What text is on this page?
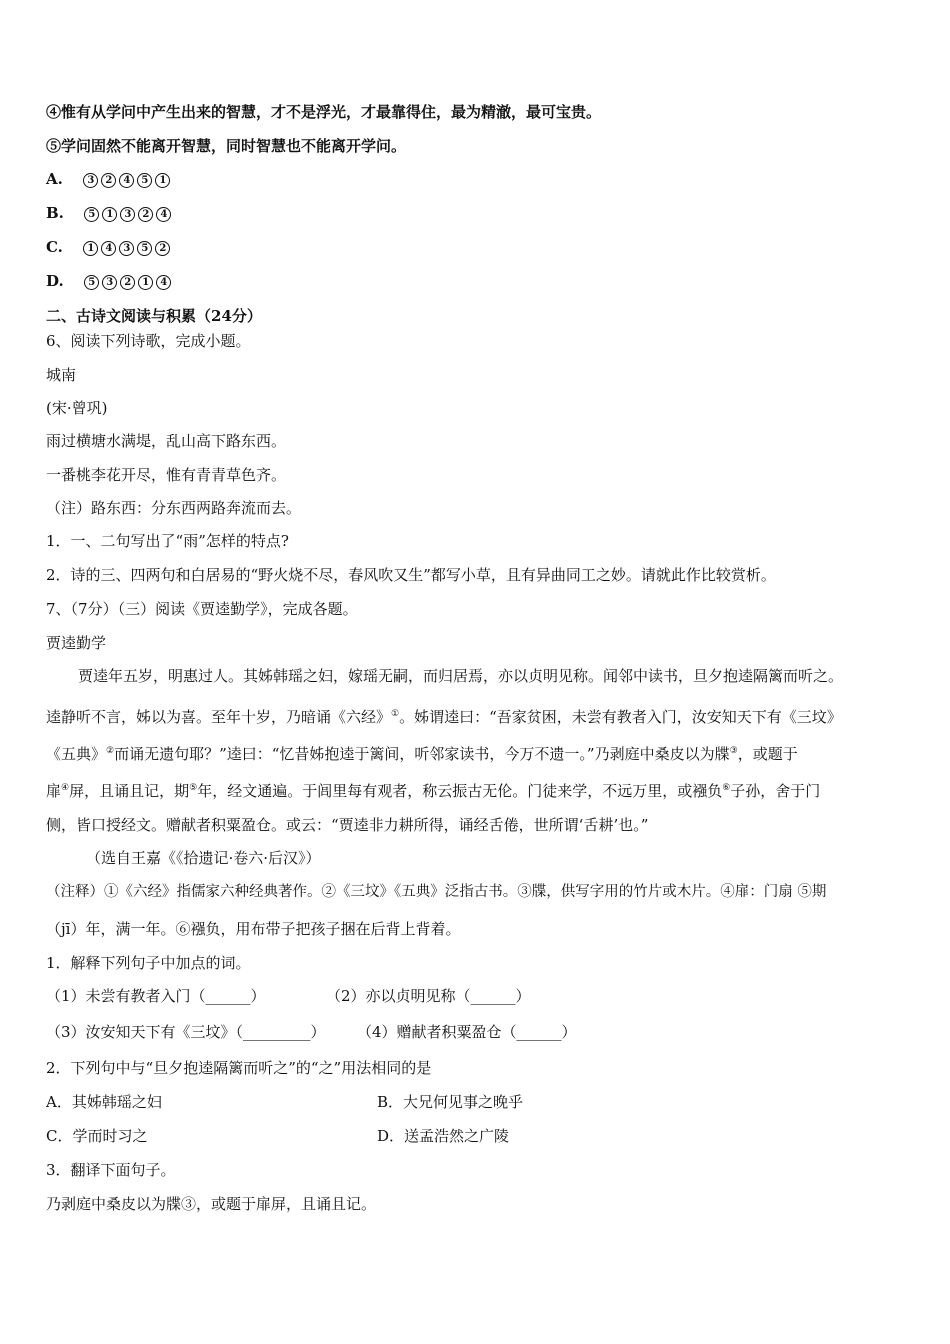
④惟有从学问中产生出来的智慧，才不是浮光，才最靠得住，最为精澈，最可宝贵。
⑤学问固然不能离开智慧，同时智慧也不能离开学问。
A. 3 2 4 5 1
B. 5 1 3 2 4
C. 1 4 3 5 2
D. 5 3 2 1 4
二、古诗文阅读与积累（24分）
6、阅读下列诗歌，完成小题。
城南
(宋·曾巩)
雨过横塘水满堤，乱山高下路东西。
一番桃李花开尽，惟有青青草色齐。
（注）路东西：分东西两路奔流而去。
1．一、二句写出了“雨”怎样的特点?
2．诗的三、四两句和白居易的“野火烧不尽，春风吹又生”都写小草，且有异曲同工之妙。请就此作比较赏析。
7、（7分）（三）阅读《贾逵勤学》，完成各题。
贾逵勤学
贾逵年五岁，明惠过人。其姊韩瑶之妇，嫁瑶无嗣，而归居焉，亦以贞明见称。闻邻中读书，旦夕抱逵隔篱而听之。
逵静听不言，姊以为喜。至年十岁，乃暗诵《六经》①。姊谓逵曰：“吾家贫困，未尝有教者入门，汝安知天下有《三坟》
《五典》②而诵无遗句耶？”逵曰：“忆昔姊抱逵于篱间，听邻家读书，今万不遗一。”乃剥庭中桑皮以为牒③，或题于
扉④屏，且诵且记，期⑤年，经文通遍。于闾里每有观者，称云振古无伦。门徒来学，不远万里，或襁负⑥子孙，舍于门
侧，皆口授经文。赠献者积粟盈仓。或云：“贾逵非力耕所得，诵经舌倦，世所谓‘舌耕’也。”
（选自王嘉《《拾遗记·卷六·后汉》）
（注释）①《六经》指儒家六种经典著作。②《三坟》《五典》泛指古书。③牒，供写字用的竹片或木片。④扉：门扇 ⑤期
（jī）年，满一年。⑥襁负，用布带子把孩子捆在后背上背着。
1．解释下列句子中加点的词。
（1）未尝有教者入门（______）	（2）亦以贞明见称（______）
（3）汝安知天下有《三坟》（_________） （4）赠献者积粟盈仓（______）
2．下列句中与“旦夕抱逵隔篱而听之”的“之”用法相同的是
A．其姊韩瑶之妇	B．大兄何见事之晚乎
C．学而时习之	D．送孟浩然之广陵
3．翻译下面句子。
乃剥庭中桑皮以为牒③，或题于扉屏，且诵且记。
